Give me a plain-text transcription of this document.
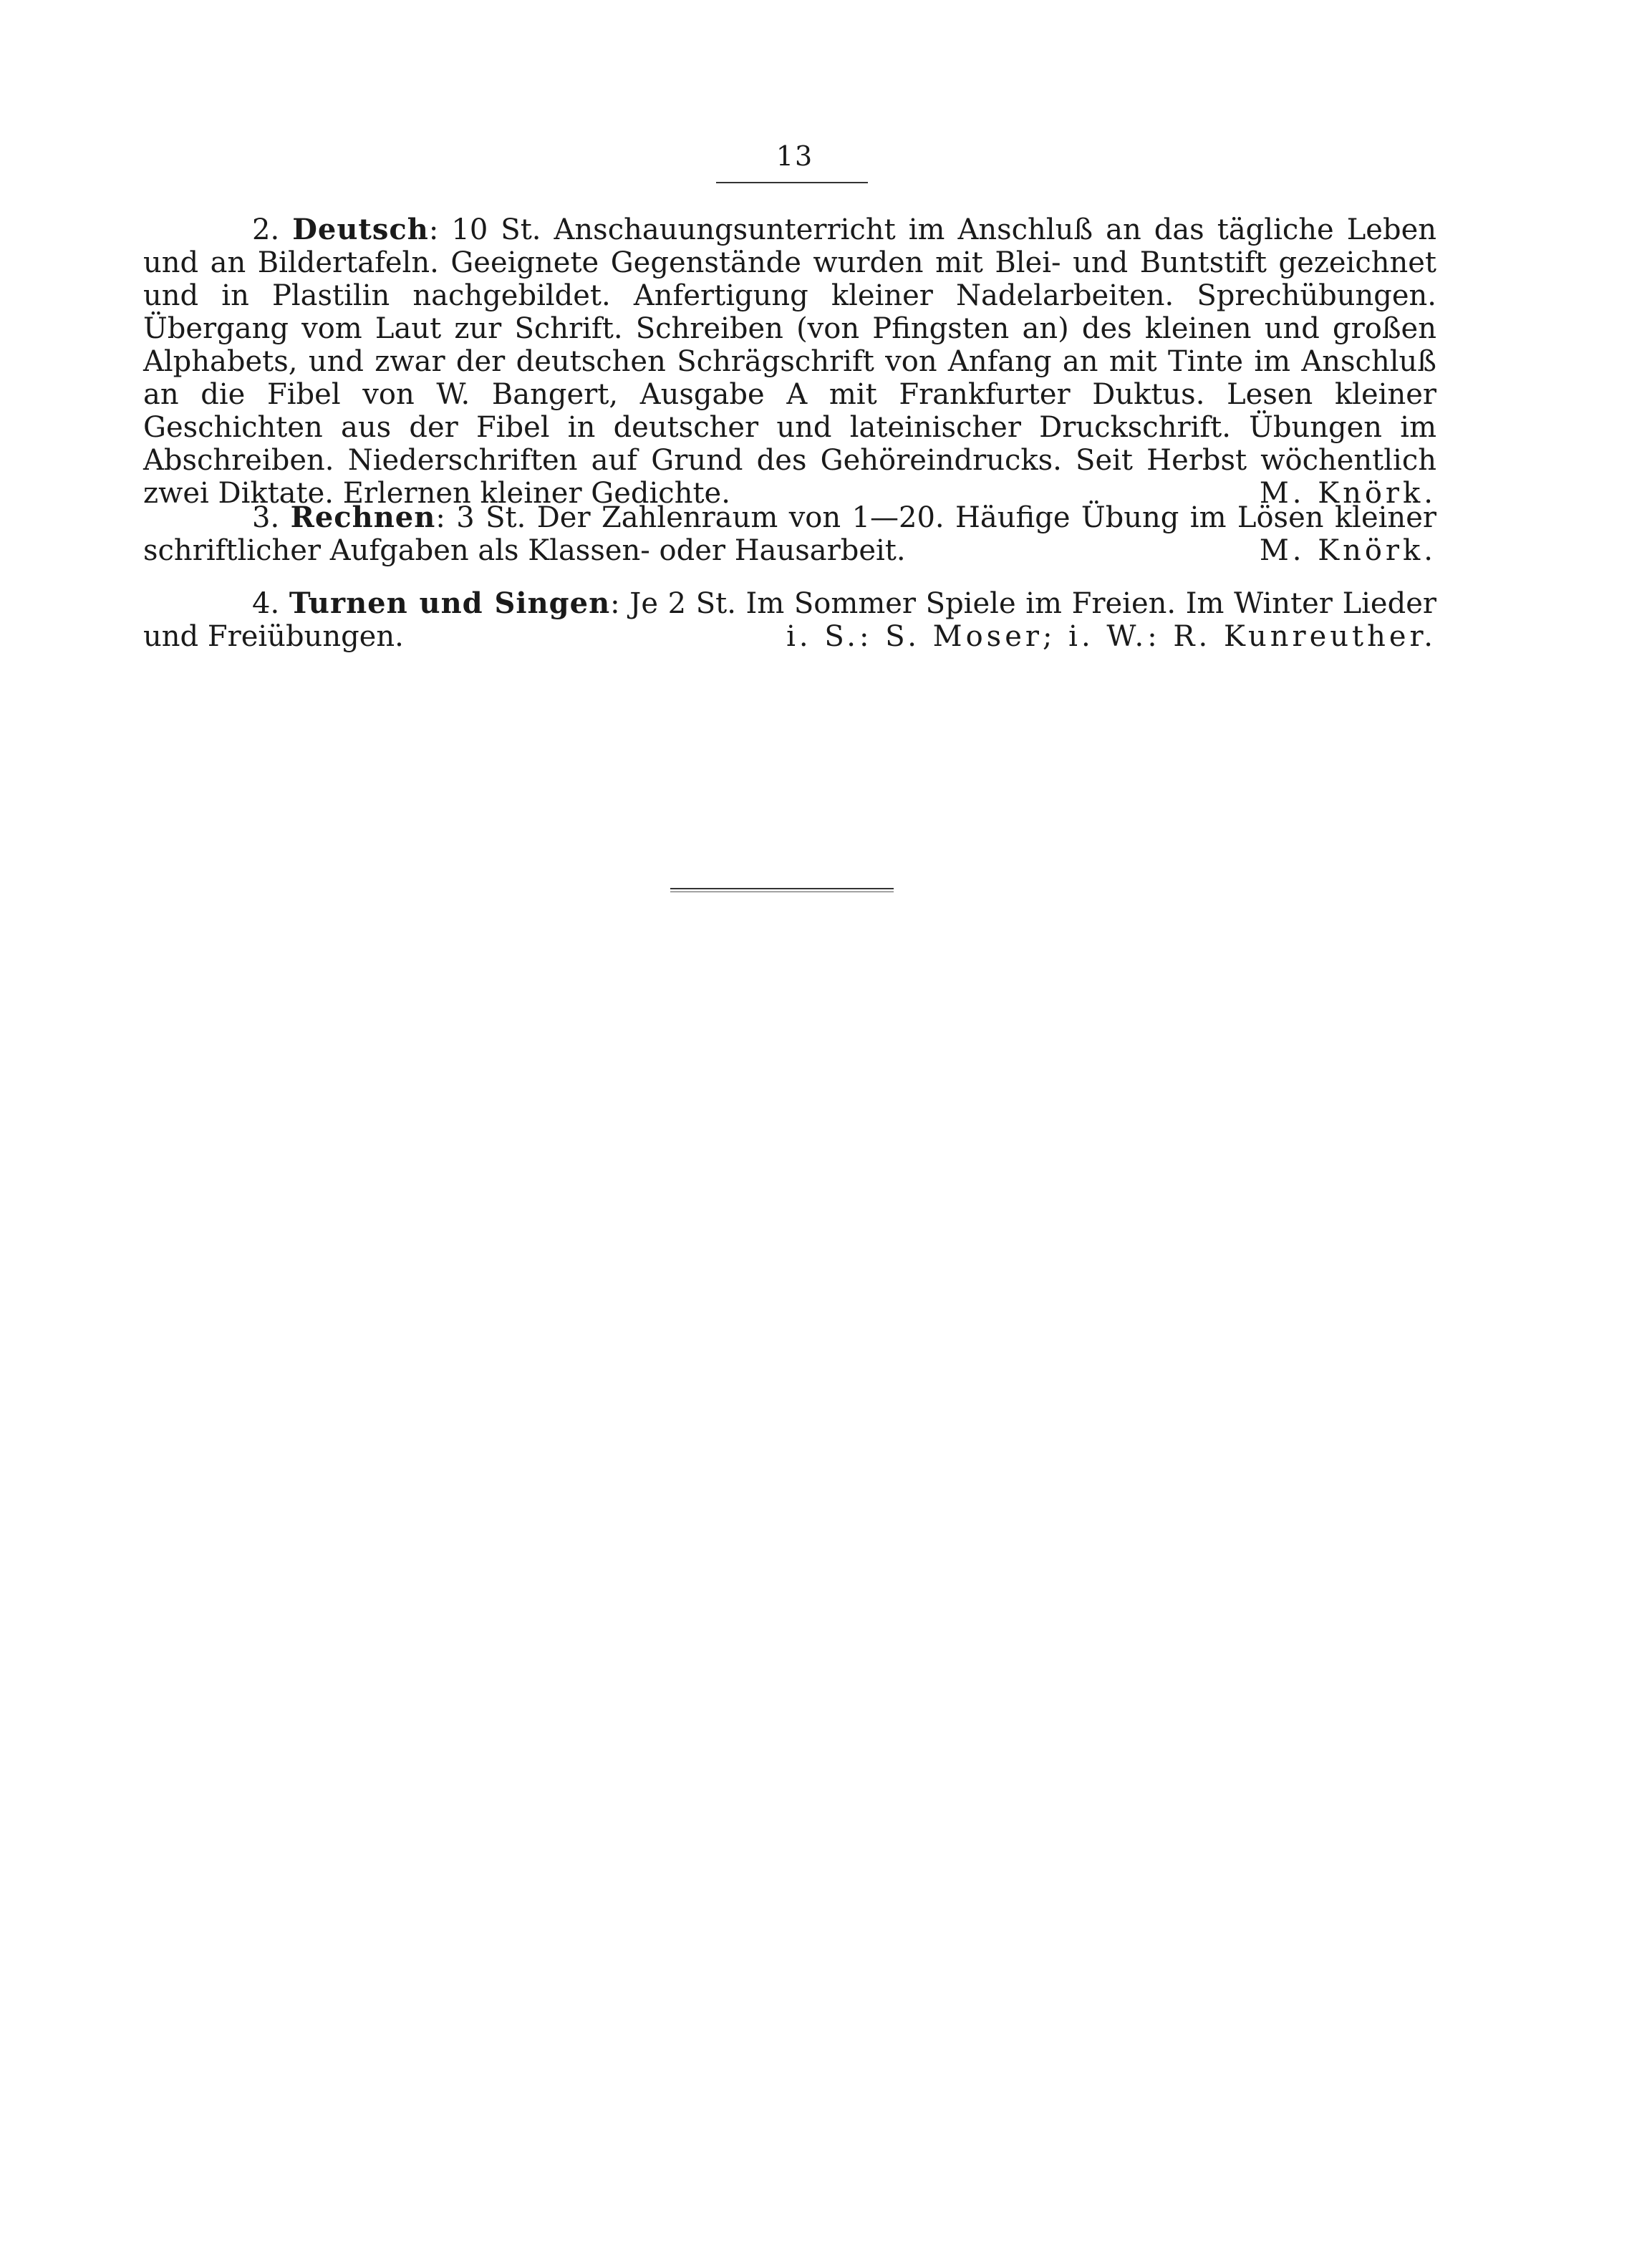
13

2. Deutsch: 10 St. Anschauungsunterricht im Anschluß an das tägliche Leben und an Bildertafeln. Geeignete Gegenstände wurden mit Blei- und Buntstift gezeichnet und in Plastilin nachgebildet. Anfertigung kleiner Nadelarbeiten. Sprechübungen. Übergang vom Laut zur Schrift. Schreiben (von Pfingsten an) des kleinen und großen Alphabets, und zwar der deutschen Schrägschrift von Anfang an mit Tinte im Anschluß an die Fibel von W. Bangert, Ausgabe A mit Frankfurter Duktus. Lesen kleiner Geschichten aus der Fibel in deutscher und lateinischer Druckschrift. Übungen im Abschreiben. Niederschriften auf Grund des Gehöreindrucks. Seit Herbst wöchentlich zwei Diktate. Erlernen kleiner Gedichte.	M. Knörk.

3. Rechnen: 3 St. Der Zahlenraum von 1—20. Häufige Übung im Lösen kleiner schriftlicher Aufgaben als Klassen- oder Hausarbeit.	M. Knörk.

4. Turnen und Singen: Je 2 St. Im Sommer Spiele im Freien. Im Winter Lieder und Freiübungen.	i. S.: S. Moser; i. W.: R. Kunreuther.
